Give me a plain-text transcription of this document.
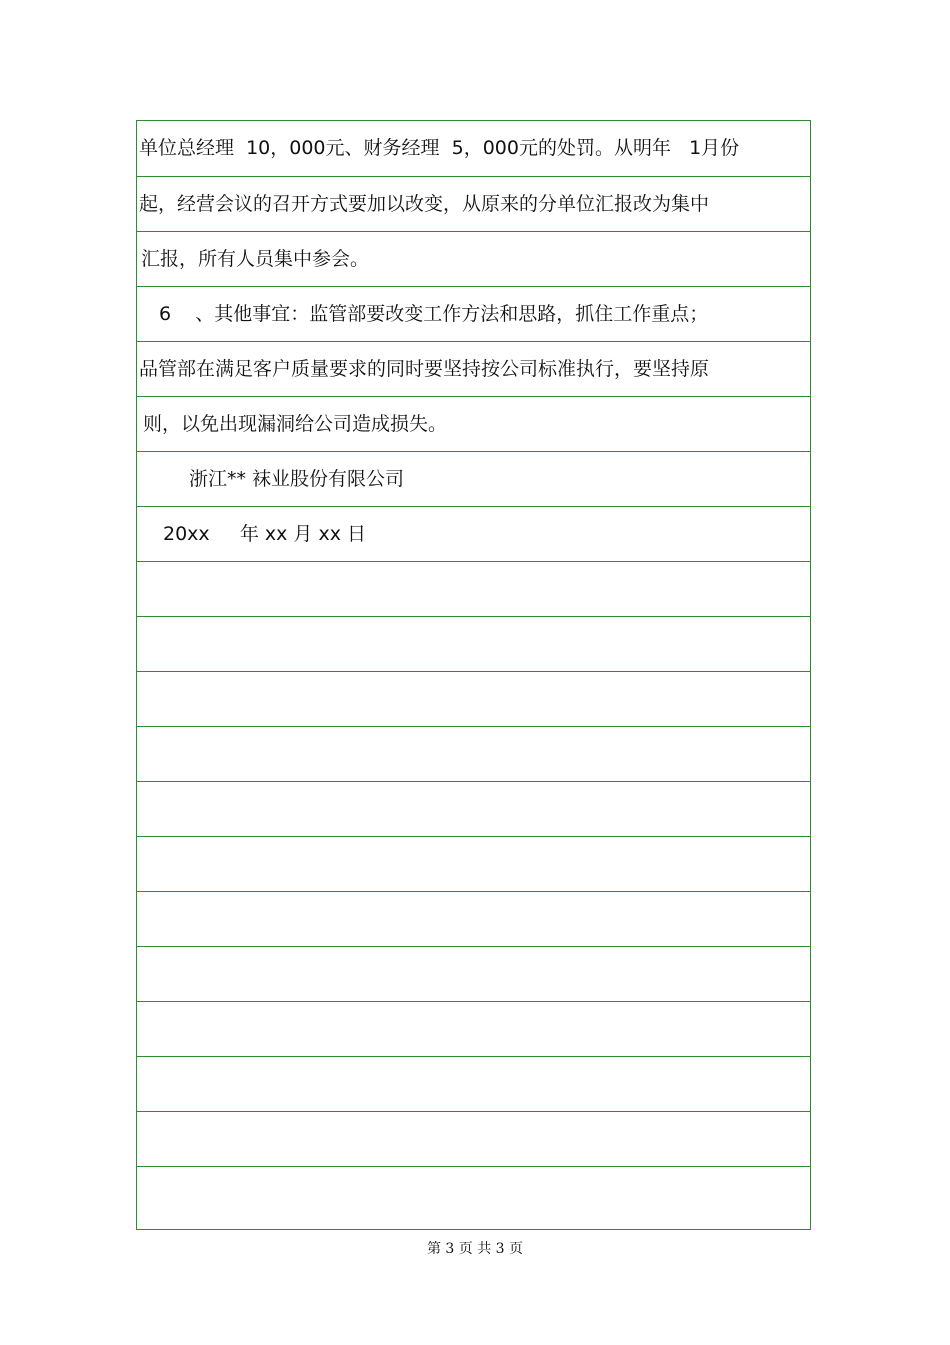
单位总经理  10，000元、财务经理  5，000元的处罚。从明年   1月份
起，经营会议的召开方式要加以改变，从原来的分单位汇报改为集中
汇报，所有人员集中参会。
6    、其他事宜：监管部要改变工作方法和思路，抓住工作重点；
品管部在满足客户质量要求的同时要坚持按公司标准执行，要坚持原
则，以免出现漏洞给公司造成损失。
浙江** 袜业股份有限公司
20xx     年 xx 月 xx 日
第 3 页 共 3 页
